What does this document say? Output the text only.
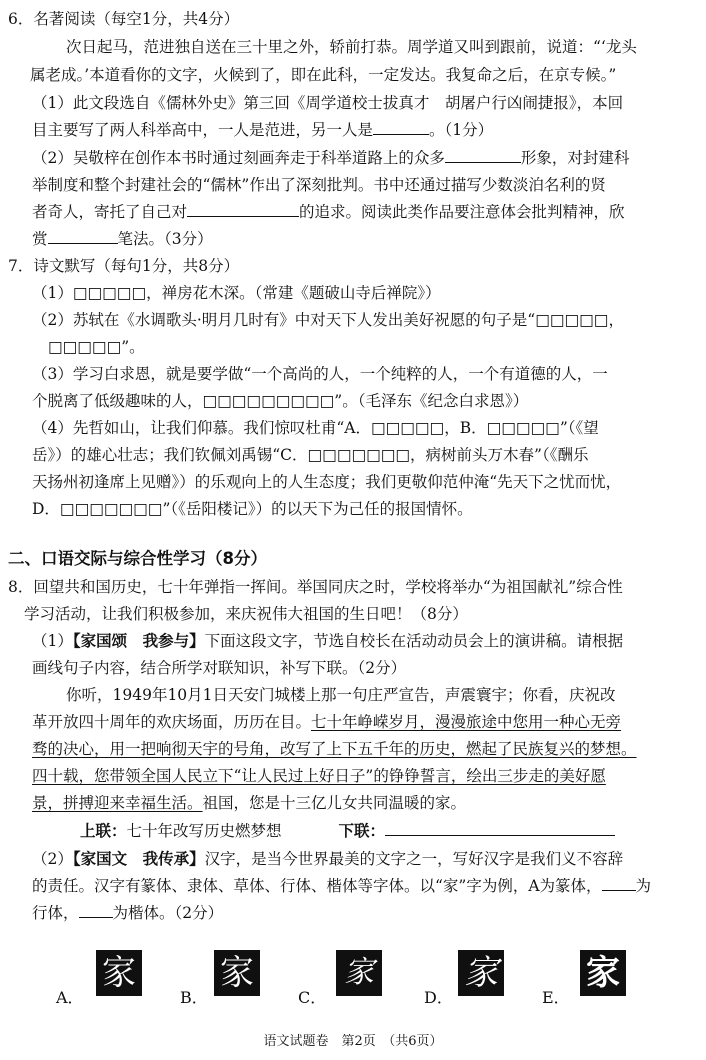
6．名著阅读（每空1分，共4分）
次日起马，范进独自送在三十里之外，轿前打恭。周学道又叫到跟前，说道：“‘龙头
属老成。’本道看你的文字，火候到了，即在此科，一定发达。我复命之后，在京专候。”
（1）此文段选自《儒林外史》第三回《周学道校士拔真才　胡屠户行凶闹捷报》，本回
目主要写了两人科举高中，一人是范进，另一人是	。（1分）
（2）吴敬梓在创作本书时通过刻画奔走于科举道路上的众多	形象，对封建科
举制度和整个封建社会的“儒林”作出了深刻批判。书中还通过描写少数淡泊名利的贤
者奇人，寄托了自己对	的追求。阅读此类作品要注意体会批判精神，欣
赏	笔法。（3分）
7．诗文默写（每句1分，共8分）
（1）□□□□□，禅房花木深。（常建《题破山寺后禅院》）
（2）苏轼在《水调歌头·明月几时有》中对天下人发出美好祝愿的句子是“□□□□□，
□□□□□”。
（3）学习白求恩，就是要学做“一个高尚的人，一个纯粹的人，一个有道德的人，一
个脱离了低级趣味的人，□□□□□□□□□”。（毛泽东《纪念白求恩》）
（4）先哲如山，让我们仰慕。我们惊叹杜甫“A．□□□□□，B．□□□□□”（《望
岳》）的雄心壮志；我们钦佩刘禹锡“C．□□□□□□□，病树前头万木春”（《酬乐
天扬州初逢席上见赠》）的乐观向上的人生态度；我们更敬仰范仲淹“先天下之忧而忧，
D．□□□□□□□”（《岳阳楼记》）的以天下为己任的报国情怀。
二、口语交际与综合性学习（8分）
8．回望共和国历史，七十年弹指一挥间。举国同庆之时，学校将举办“为祖国献礼”综合性
学习活动，让我们积极参加，来庆祝伟大祖国的生日吧！（8分）
（1）【家国颂　我参与】下面这段文字，节选自校长在活动动员会上的演讲稿。请根据
画线句子内容，结合所学对联知识，补写下联。（2分）
你听，1949年10月1日天安门城楼上那一句庄严宣告，声震寰宇；你看，庆祝改
革开放四十周年的欢庆场面，历历在目。七十年峥嵘岁月，漫漫旅途中您用一种心无旁
骛的决心，用一把响彻天宇的号角，改写了上下五千年的历史，燃起了民族复兴的梦想。
四十载，您带领全国人民立下“让人民过上好日子”的铮铮誓言，绘出三步走的美好愿
景，拼搏迎来幸福生活。祖国，您是十三亿儿女共同温暖的家。
上联：七十年改写历史燃梦想	下联：
（2）【家国文　我传承】汉字，是当今世界最美的文字之一，写好汉字是我们义不容辞
的责任。汉字有篆体、隶体、草体、行体、楷体等字体。以“家”字为例，A为篆体， 为
行体， 为楷体。（2分）
A．
家
B．
家
C．
家
D．
家
E．
家
语文试题卷　第2页　（共6页）
